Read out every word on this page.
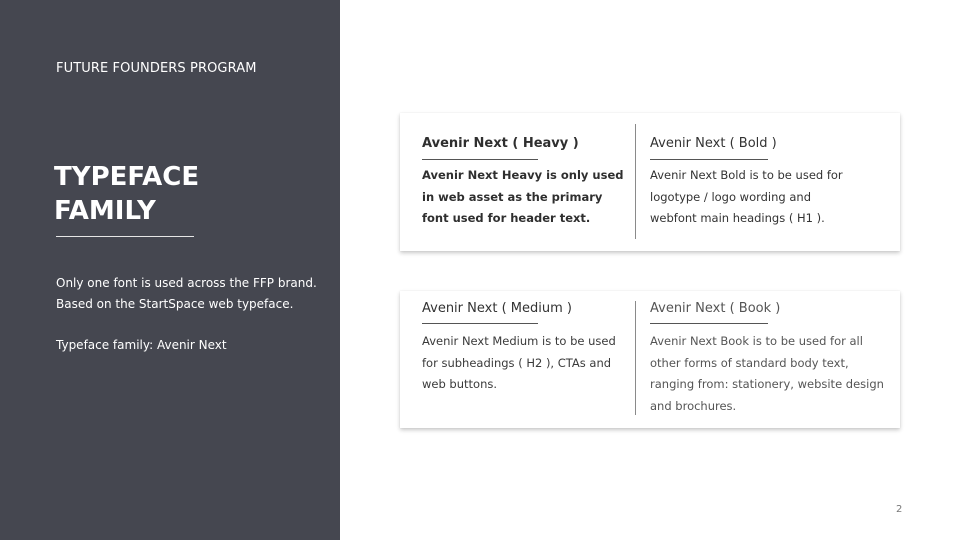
FUTURE FOUNDERS PROGRAM
TYPEFACE
FAMILY
Only one font is used across the FFP brand.
Based on the StartSpace web typeface.
Typeface family: Avenir Next
Avenir Next ( Heavy )
Avenir Next Heavy is only used
in web asset as the primary
font used for header text.
Avenir Next ( Bold )
Avenir Next Bold is to be used for
logotype / logo wording and
webfont main headings ( H1 ).
Avenir Next ( Medium )
Avenir Next Medium is to be used
for subheadings ( H2 ), CTAs and
web buttons.
Avenir Next ( Book )
Avenir Next Book is to be used for all
other forms of standard body text,
ranging from: stationery, website design
and brochures.
2
